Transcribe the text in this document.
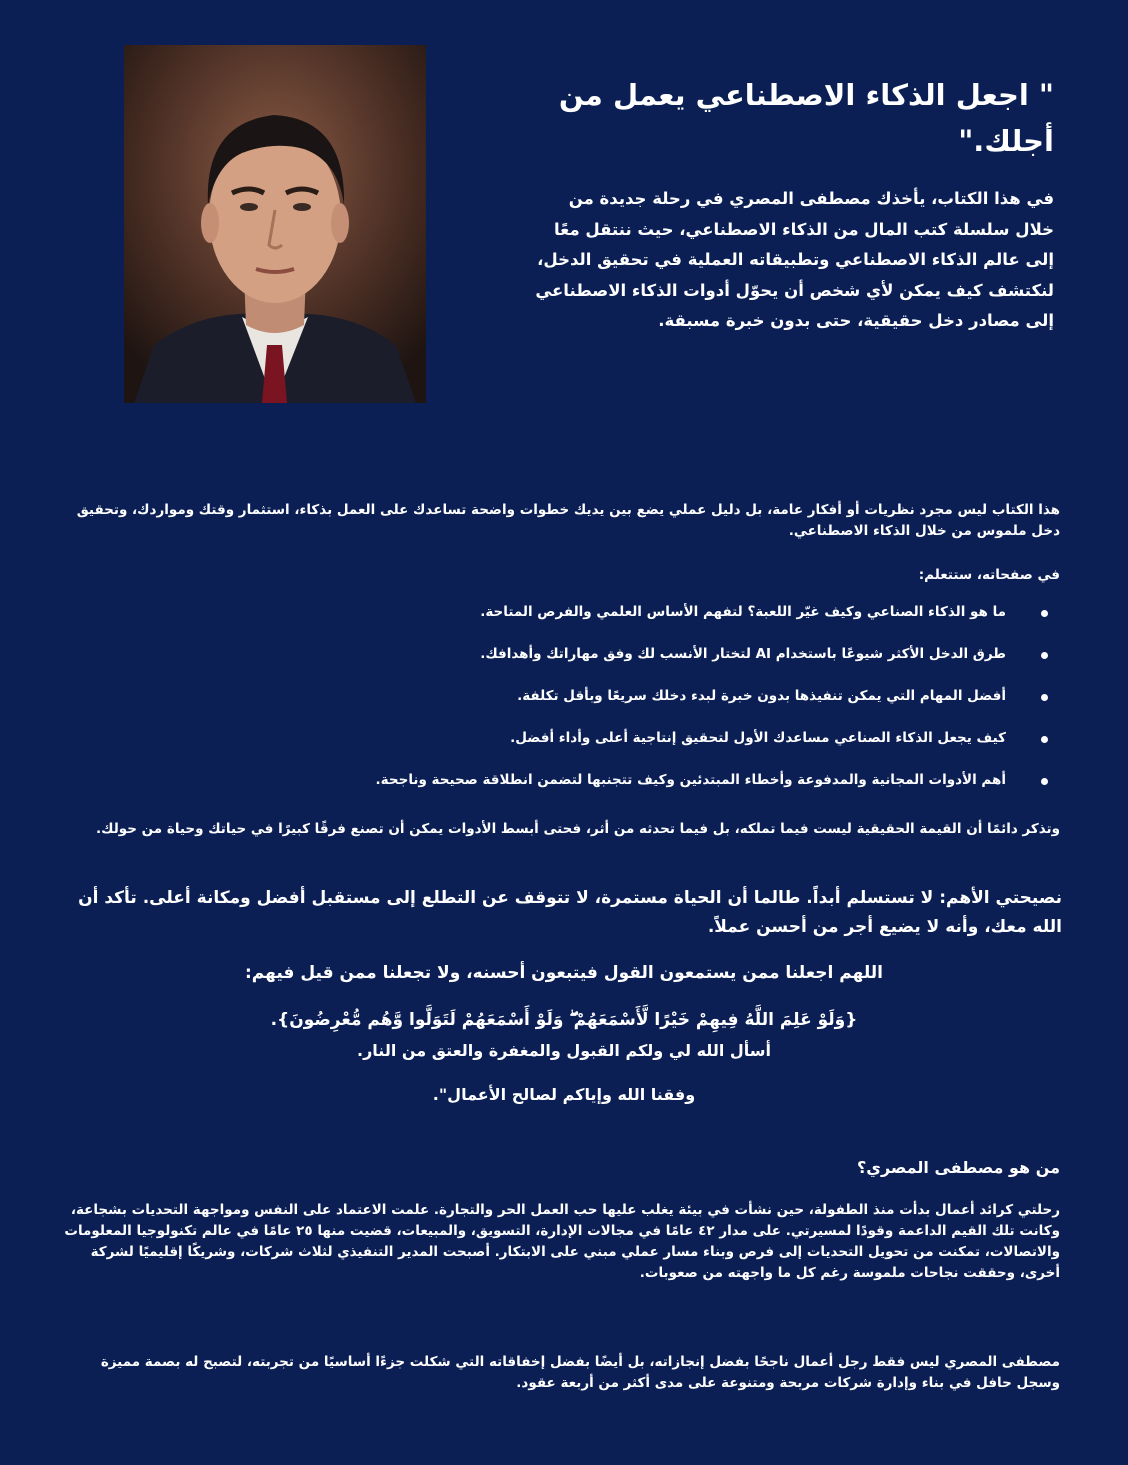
" اجعل الذكاء الاصطناعي يعمل من أجلك."
في هذا الكتاب، يأخذك مصطفى المصري في رحلة جديدة من خلال سلسلة كتب المال من الذكاء الاصطناعي، حيث ننتقل معًا إلى عالم الذكاء الاصطناعي وتطبيقاته العملية في تحقيق الدخل، لنكتشف كيف يمكن لأي شخص أن يحوّل أدوات الذكاء الاصطناعي إلى مصادر دخل حقيقية، حتى بدون خبرة مسبقة.
هذا الكتاب ليس مجرد نظريات أو أفكار عامة، بل دليل عملي يضع بين يديك خطوات واضحة تساعدك على العمل بذكاء، استثمار وقتك ومواردك، وتحقيق دخل ملموس من خلال الذكاء الاصطناعي.
في صفحاته، ستتعلم:
ما هو الذكاء الصناعي وكيف غيّر اللعبة؟ لتفهم الأساس العلمي والفرص المتاحة.
طرق الدخل الأكثر شيوعًا باستخدام AI لتختار الأنسب لك وفق مهاراتك وأهدافك.
أفضل المهام التي يمكن تنفيذها بدون خبرة لبدء دخلك سريعًا وبأقل تكلفة.
كيف يجعل الذكاء الصناعي مساعدك الأول لتحقيق إنتاجية أعلى وأداء أفضل.
أهم الأدوات المجانية والمدفوعة وأخطاء المبتدئين وكيف تتجنبها لتضمن انطلاقة صحيحة وناجحة.
وتذكر دائمًا أن القيمة الحقيقية ليست فيما تملكه، بل فيما تحدثه من أثر، فحتى أبسط الأدوات يمكن أن تصنع فرقًا كبيرًا في حياتك وحياة من حولك.
نصيحتي الأهم: لا تستسلم أبداً. طالما أن الحياة مستمرة، لا تتوقف عن التطلع إلى مستقبل أفضل ومكانة أعلى. تأكد أن الله معك، وأنه لا يضيع أجر من أحسن عملاً.
اللهم اجعلنا ممن يستمعون القول فيتبعون أحسنه، ولا تجعلنا ممن قيل فيهم:
{وَلَوْ عَلِمَ اللَّهُ فِيهِمْ خَيْرًا لَّأَسْمَعَهُمْ ۖ وَلَوْ أَسْمَعَهُمْ لَتَوَلَّوا وَّهُم مُّعْرِضُونَ}.
أسأل الله لي ولكم القبول والمغفرة والعتق من النار.
وفقنا الله وإياكم لصالح الأعمال".
من هو مصطفى المصري؟
رحلتي كرائد أعمال بدأت منذ الطفولة، حين نشأت في بيئة يغلب عليها حب العمل الحر والتجارة. علمت الاعتماد على النفس ومواجهة التحديات بشجاعة، وكانت تلك القيم الداعمة وقودًا لمسيرتي. على مدار ٤٢ عامًا في مجالات الإدارة، التسويق، والمبيعات، قضيت منها ٢٥ عامًا في عالم تكنولوجيا المعلومات والاتصالات، تمكنت من تحويل التحديات إلى فرص وبناء مسار عملي مبني على الابتكار. أصبحت المدير التنفيذي لثلاث شركات، وشريكًا إقليميًا لشركة أخرى، وحققت نجاحات ملموسة رغم كل ما واجهته من صعوبات.
مصطفى المصري ليس فقط رجل أعمال ناجحًا بفضل إنجازاته، بل أيضًا بفضل إخفاقاته التي شكلت جزءًا أساسيًا من تجربته، لتصبح له بصمة مميزة وسجل حافل في بناء وإدارة شركات مربحة ومتنوعة على مدى أكثر من أربعة عقود.
